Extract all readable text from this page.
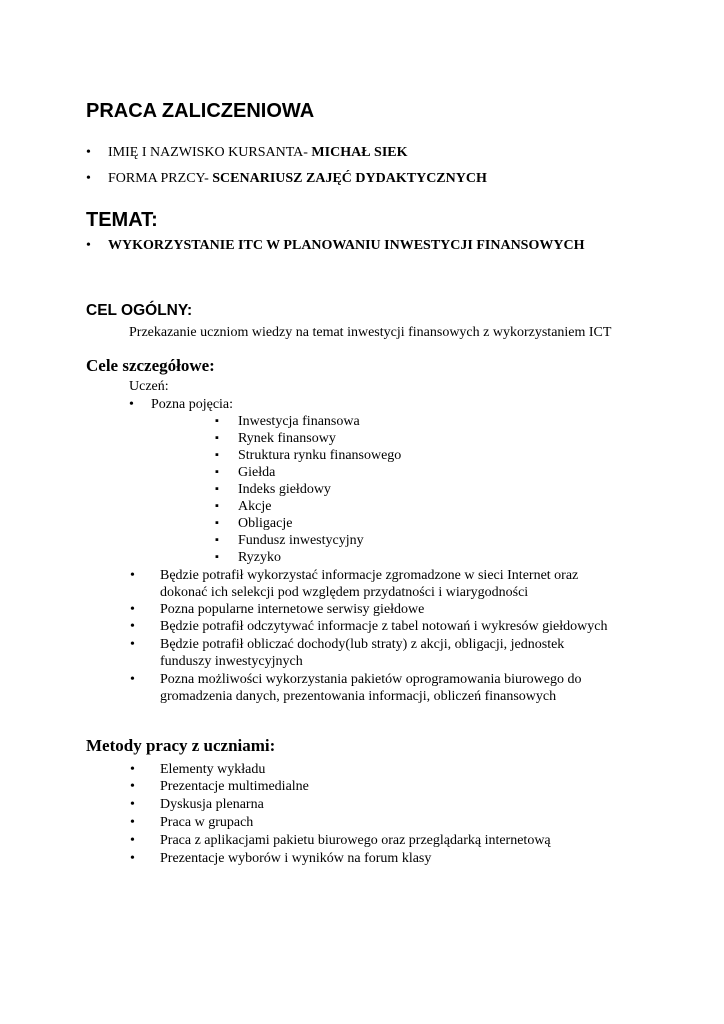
PRACA ZALICZENIOWA
• IMIĘ I NAZWISKO KURSANTA- MICHAŁ SIEK
• FORMA PRZCY- SCENARIUSZ ZAJĘĆ DYDAKTYCZNYCH
TEMAT:
• WYKORZYSTANIE ITC W PLANOWANIU INWESTYCJI FINANSOWYCH
CEL OGÓLNY:
Przekazanie uczniom wiedzy na temat inwestycji finansowych z wykorzystaniem ICT
Cele szczegółowe:
Uczeń:
• Pozna pojęcia:
▪ Inwestycja finansowa
▪ Rynek finansowy
▪ Struktura rynku finansowego
▪ Giełda
▪ Indeks giełdowy
▪ Akcje
▪ Obligacje
▪ Fundusz inwestycyjny
▪ Ryzyko
• Będzie potrafił wykorzystać informacje zgromadzone w sieci Internet oraz
dokonać ich selekcji pod względem przydatności i wiarygodności
• Pozna popularne internetowe serwisy giełdowe
• Będzie potrafił odczytywać informacje z tabel notowań i wykresów giełdowych
• Będzie potrafił obliczać dochody(lub straty) z akcji, obligacji, jednostek
funduszy inwestycyjnych
• Pozna możliwości wykorzystania pakietów oprogramowania biurowego do
gromadzenia danych, prezentowania informacji, obliczeń finansowych
Metody pracy z uczniami:
• Elementy wykładu
• Prezentacje multimedialne
• Dyskusja plenarna
• Praca w grupach
• Praca z aplikacjami pakietu biurowego oraz przeglądarką internetową
• Prezentacje wyborów i wyników na forum klasy
